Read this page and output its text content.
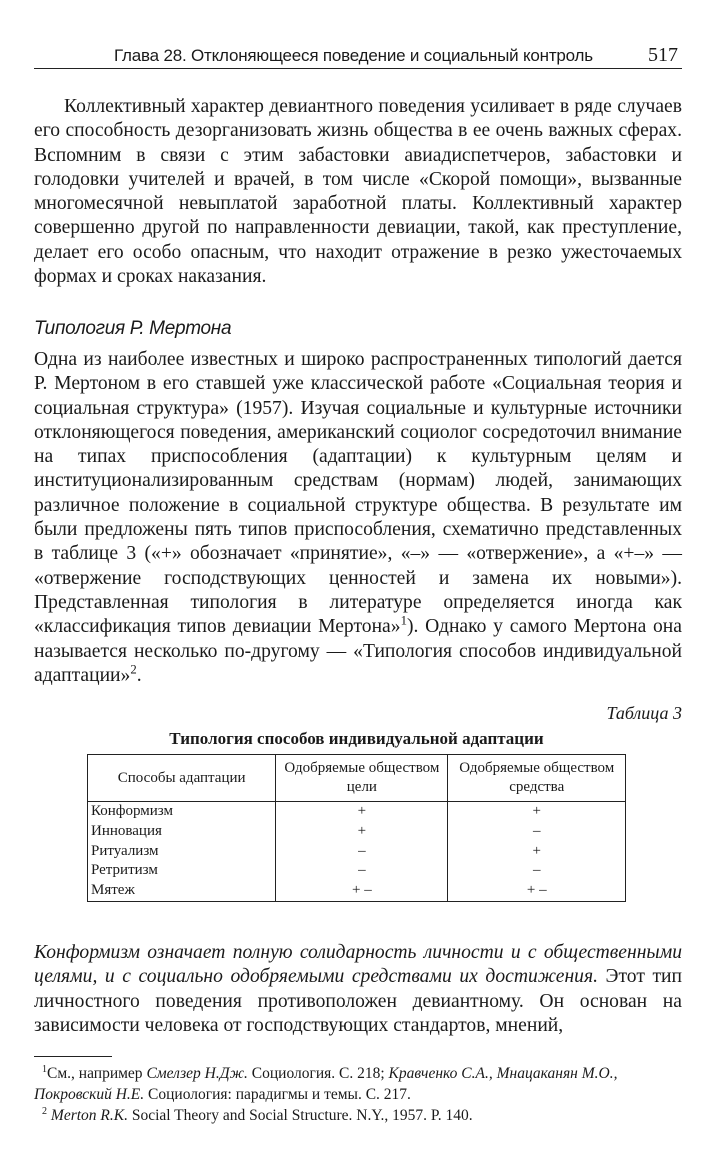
Глава 28. Отклоняющееся поведение и социальный контроль	517
Коллективный характер девиантного поведения усиливает в ряде случаев его способность дезорганизовать жизнь общества в ее очень важных сферах. Вспомним в связи с этим забастовки авиадиспетчеров, забастовки и голодовки учителей и врачей, в том числе «Скорой помощи», вызванные многомесячной невыплатой заработной платы. Коллективный характер совершенно другой по направленности девиации, такой, как преступление, делает его особо опасным, что находит отражение в резко ужесточаемых формах и сроках наказания.
Типология Р. Мертона
Одна из наиболее известных и широко распространенных типологий дается Р. Мертоном в его ставшей уже классической работе «Социальная теория и социальная структура» (1957). Изучая социальные и культурные источники отклоняющегося поведения, американский социолог сосредоточил внимание на типах приспособления (адаптации) к культурным целям и институционализированным средствам (нормам) людей, занимающих различное положение в социальной структуре общества. В результате им были предложены пять типов приспособления, схематично представленных в таблице 3 («+» обозначает «принятие», «–» — «отвержение», а «+–» — «отвержение господствующих ценностей и замена их новыми»). Представленная типология в литературе определяется иногда как «классификация типов девиации Мертона»$^1$). Однако у самого Мертона она называется несколько по-другому — «Типология способов индивидуальной адаптации»$^2$.
Таблица 3
Типология способов индивидуальной адаптации
Способы адаптации	Одобряемые обществом цели	Одобряемые обществом средства
Конформизм	+	+
Инновация	+	–
Ритуализм	–	+
Ретритизм	–	–
Мятеж	+ –	+ –
Конформизм означает полную солидарность личности и с общественными целями, и с социально одобряемыми средствами их достижения. Этот тип личностного поведения противоположен девиантному. Он основан на зависимости человека от господствующих стандартов, мнений,
$^1$См., например Смелзер Н.Дж. Социология. С. 218; Кравченко С.А., Мнацаканян М.О., Покровский Н.Е. Социология: парадигмы и темы. С. 217.
$^2$ Merton R.K. Social Theory and Social Structure. N.Y., 1957. P. 140.
